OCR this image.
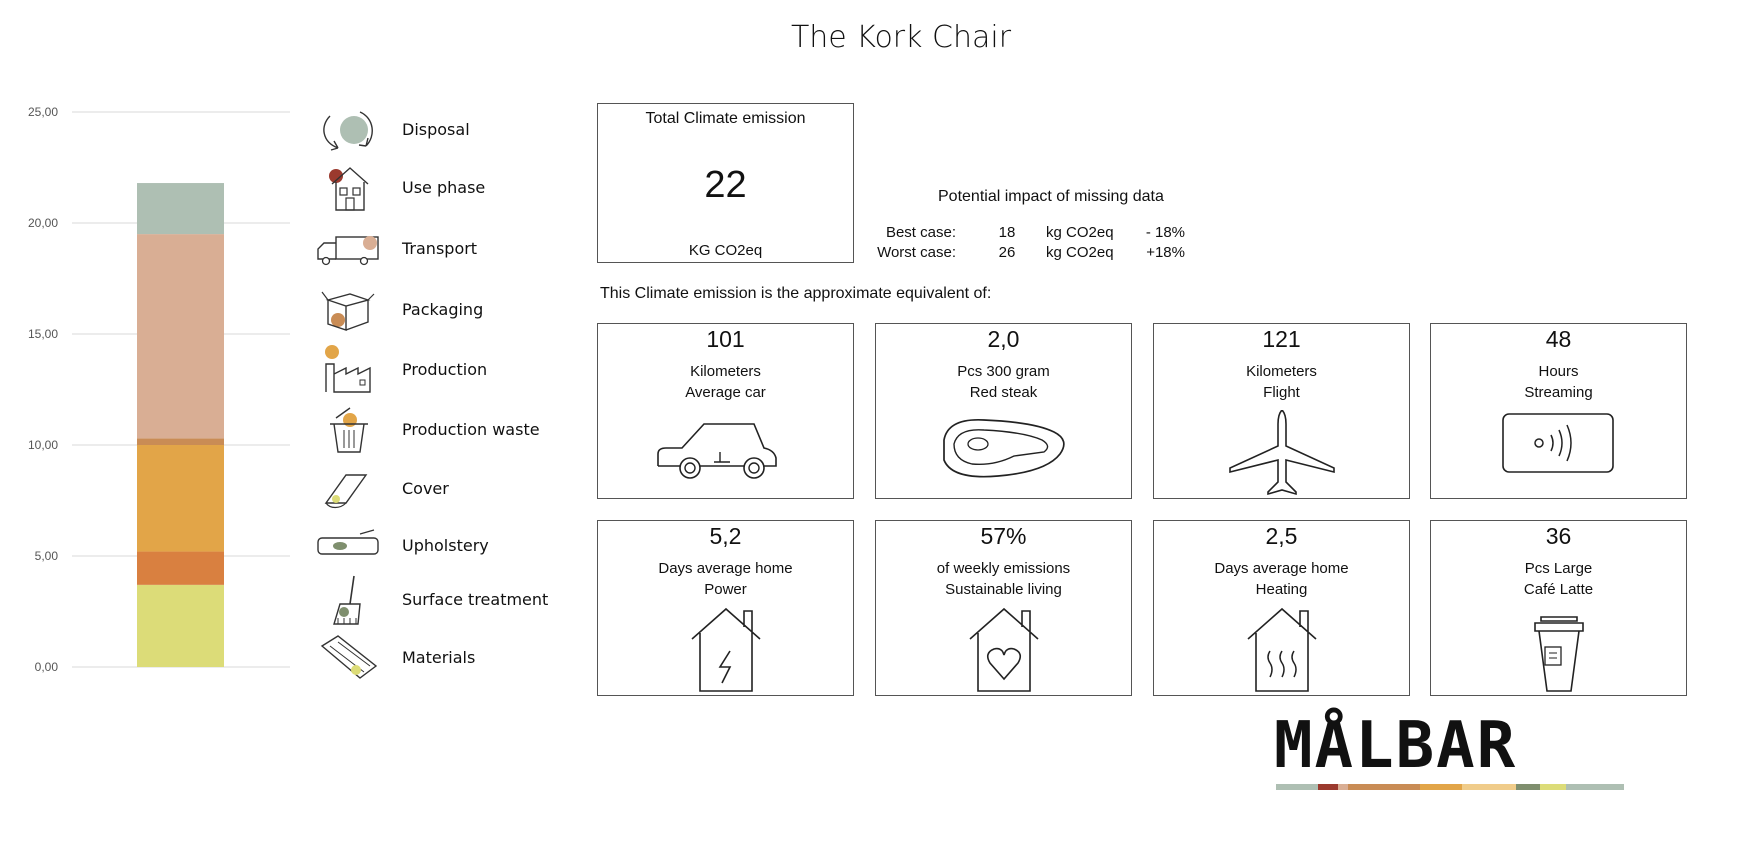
The Kork Chair
0,00
5,00
10,00
15,00
20,00
25,00
Disposal
Use phase
Transport
Packaging
Production
Production waste
Cover
Upholstery
Surface treatment
Materials
Total Climate emission
22
KG CO2eq
Potential impact of missing data
Best case:	18	kg CO2eq	- 18%
Worst case:	26	kg CO2eq	+18%
This Climate emission is the approximate equivalent of:
101
Kilometers
Average car
2,0
Pcs 300 gram
Red steak
121
Kilometers
Flight
48
Hours
Streaming
5,2
Days average home
Power
57%
of weekly emissions
Sustainable living
2,5
Days average home
Heating
36
Pcs Large
Café Latte
MÅLBAR
